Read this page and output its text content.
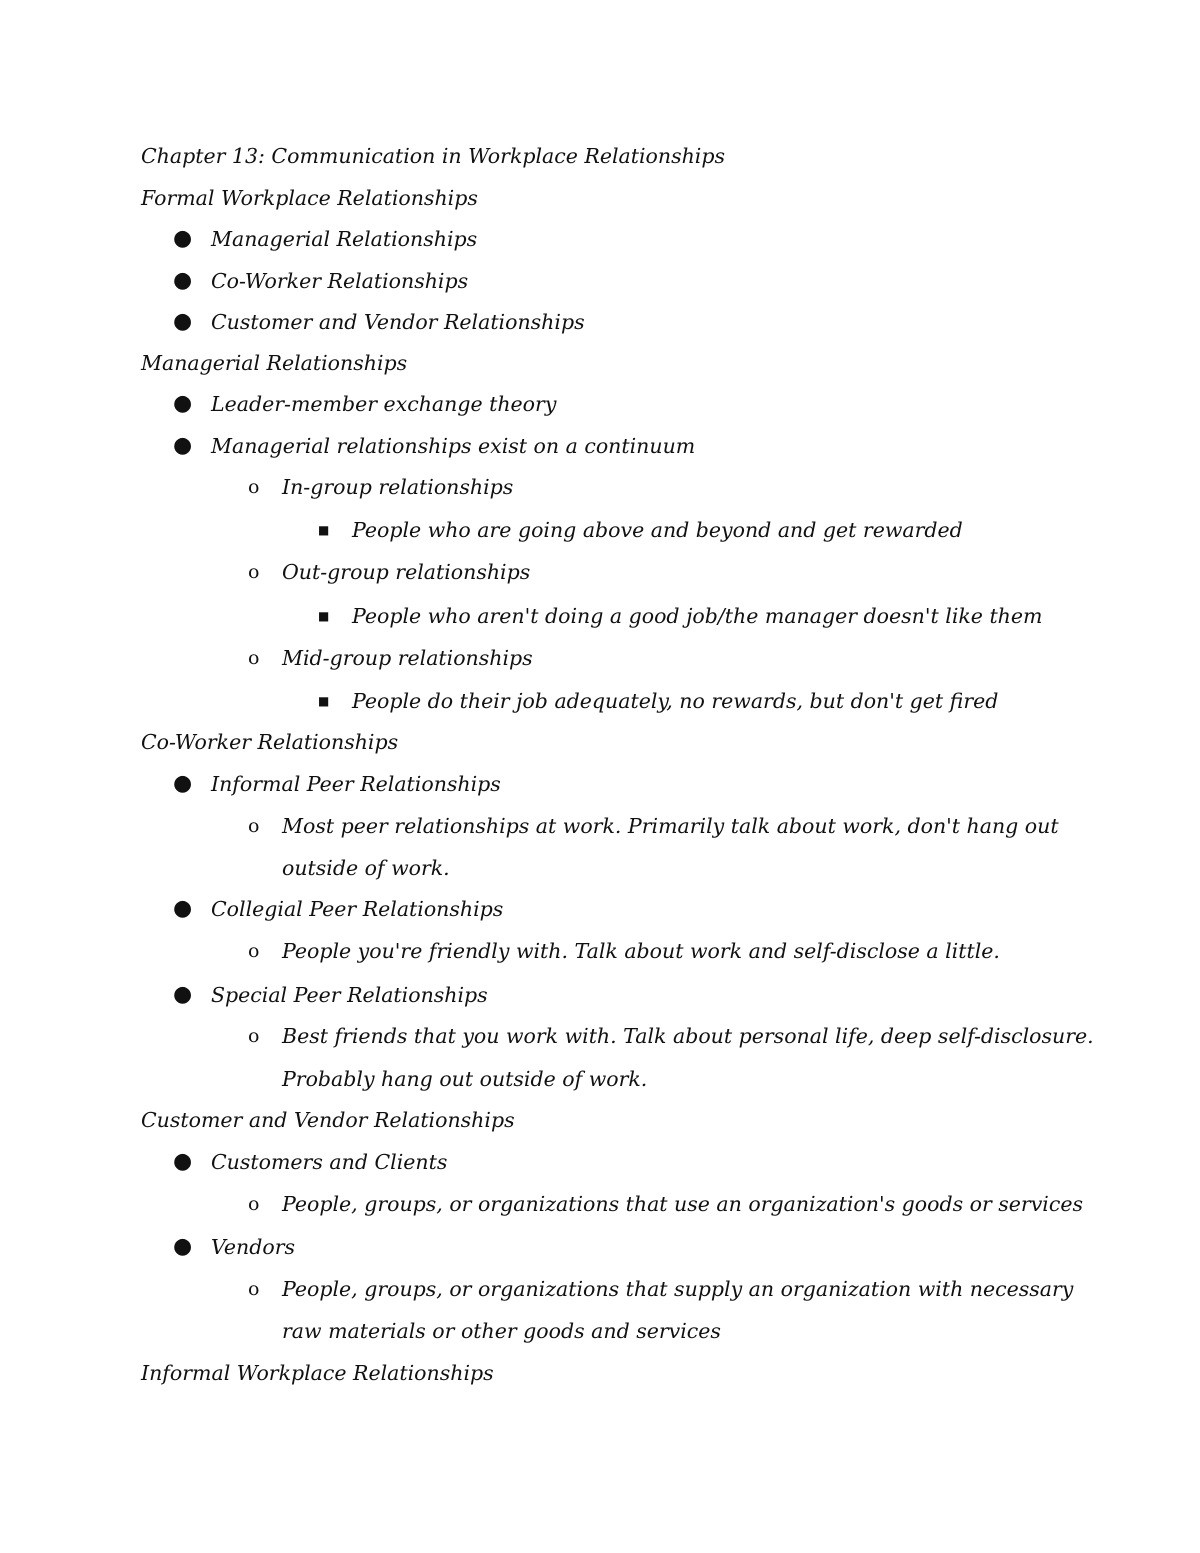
Chapter 13: Communication in Workplace Relationships
Formal Workplace Relationships
● Managerial Relationships
● Co-Worker Relationships
● Customer and Vendor Relationships
Managerial Relationships
● Leader-member exchange theory
● Managerial relationships exist on a continuum
o In-group relationships
■ People who are going above and beyond and get rewarded
o Out-group relationships
■ People who aren't doing a good job/the manager doesn't like them
o Mid-group relationships
■ People do their job adequately, no rewards, but don't get fired
Co-Worker Relationships
● Informal Peer Relationships
o Most peer relationships at work. Primarily talk about work, don't hang out
outside of work.
● Collegial Peer Relationships
o People you're friendly with. Talk about work and self-disclose a little.
● Special Peer Relationships
o Best friends that you work with. Talk about personal life, deep self-disclosure.
Probably hang out outside of work.
Customer and Vendor Relationships
● Customers and Clients
o People, groups, or organizations that use an organization's goods or services
● Vendors
o People, groups, or organizations that supply an organization with necessary
raw materials or other goods and services
Informal Workplace Relationships
